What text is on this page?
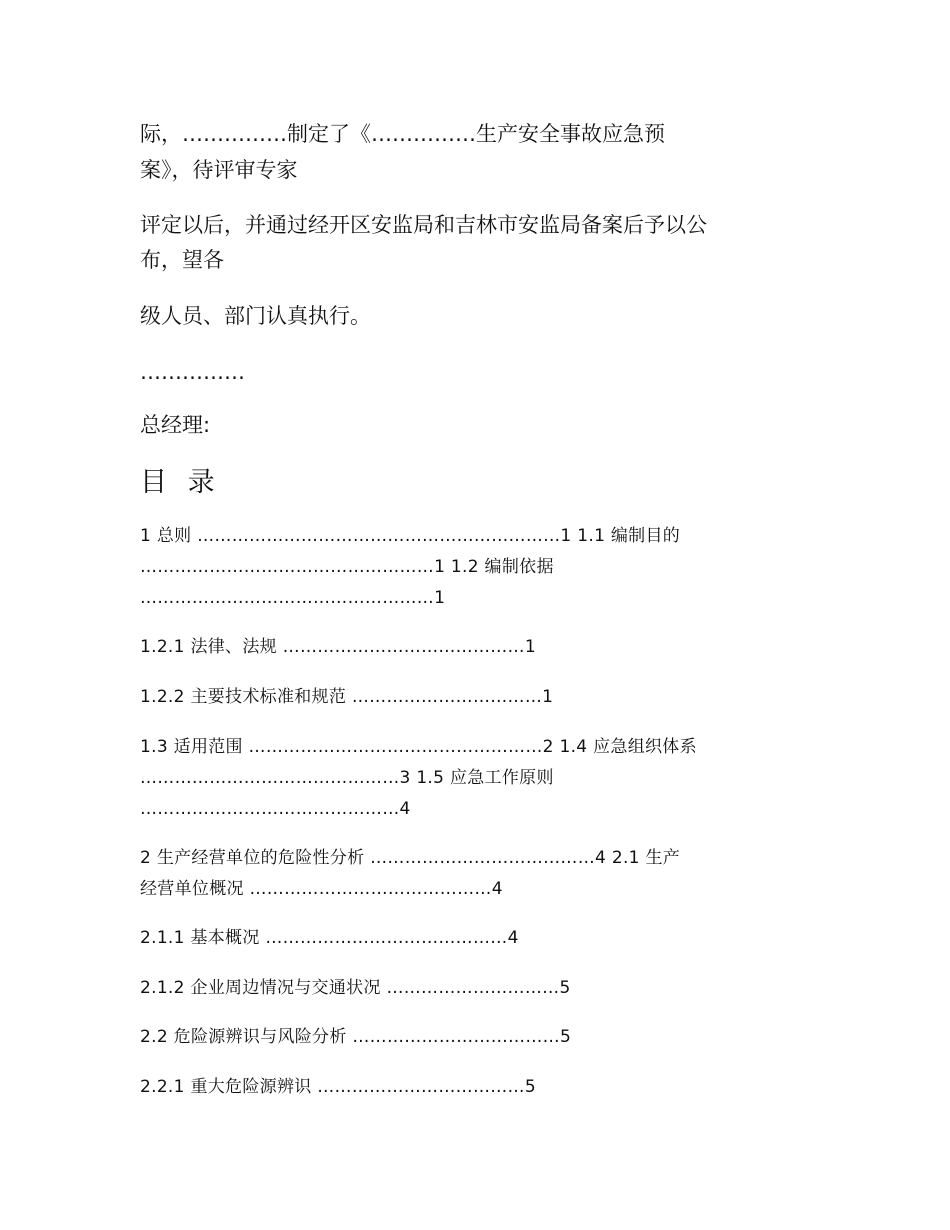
际，……………制定了《……………生产安全事故应急预
案》，待评审专家
评定以后，并通过经开区安监局和吉林市安监局备案后予以公
布，望各
级人员、部门认真执行。
……………
总经理:
目 录
1 总则 ………………………………………………………1 1.1 编制目的
……………………………………………1 1.2 编制依据
……………………………………………1
1.2.1 法律、法规 ……………………………………1
1.2.2 主要技术标准和规范 ……………………………1
1.3 适用范围 ……………………………………………2 1.4 应急组织体系
………………………………………3 1.5 应急工作原则
………………………………………4
2 生产经营单位的危险性分析 …………………………………4 2.1 生产
经营单位概况 ……………………………………4
2.1.1 基本概况 ……………………………………4
2.1.2 企业周边情况与交通状况 …………………………5
2.2 危险源辨识与风险分析 ………………………………5
2.2.1 重大危险源辨识 ………………………………5
